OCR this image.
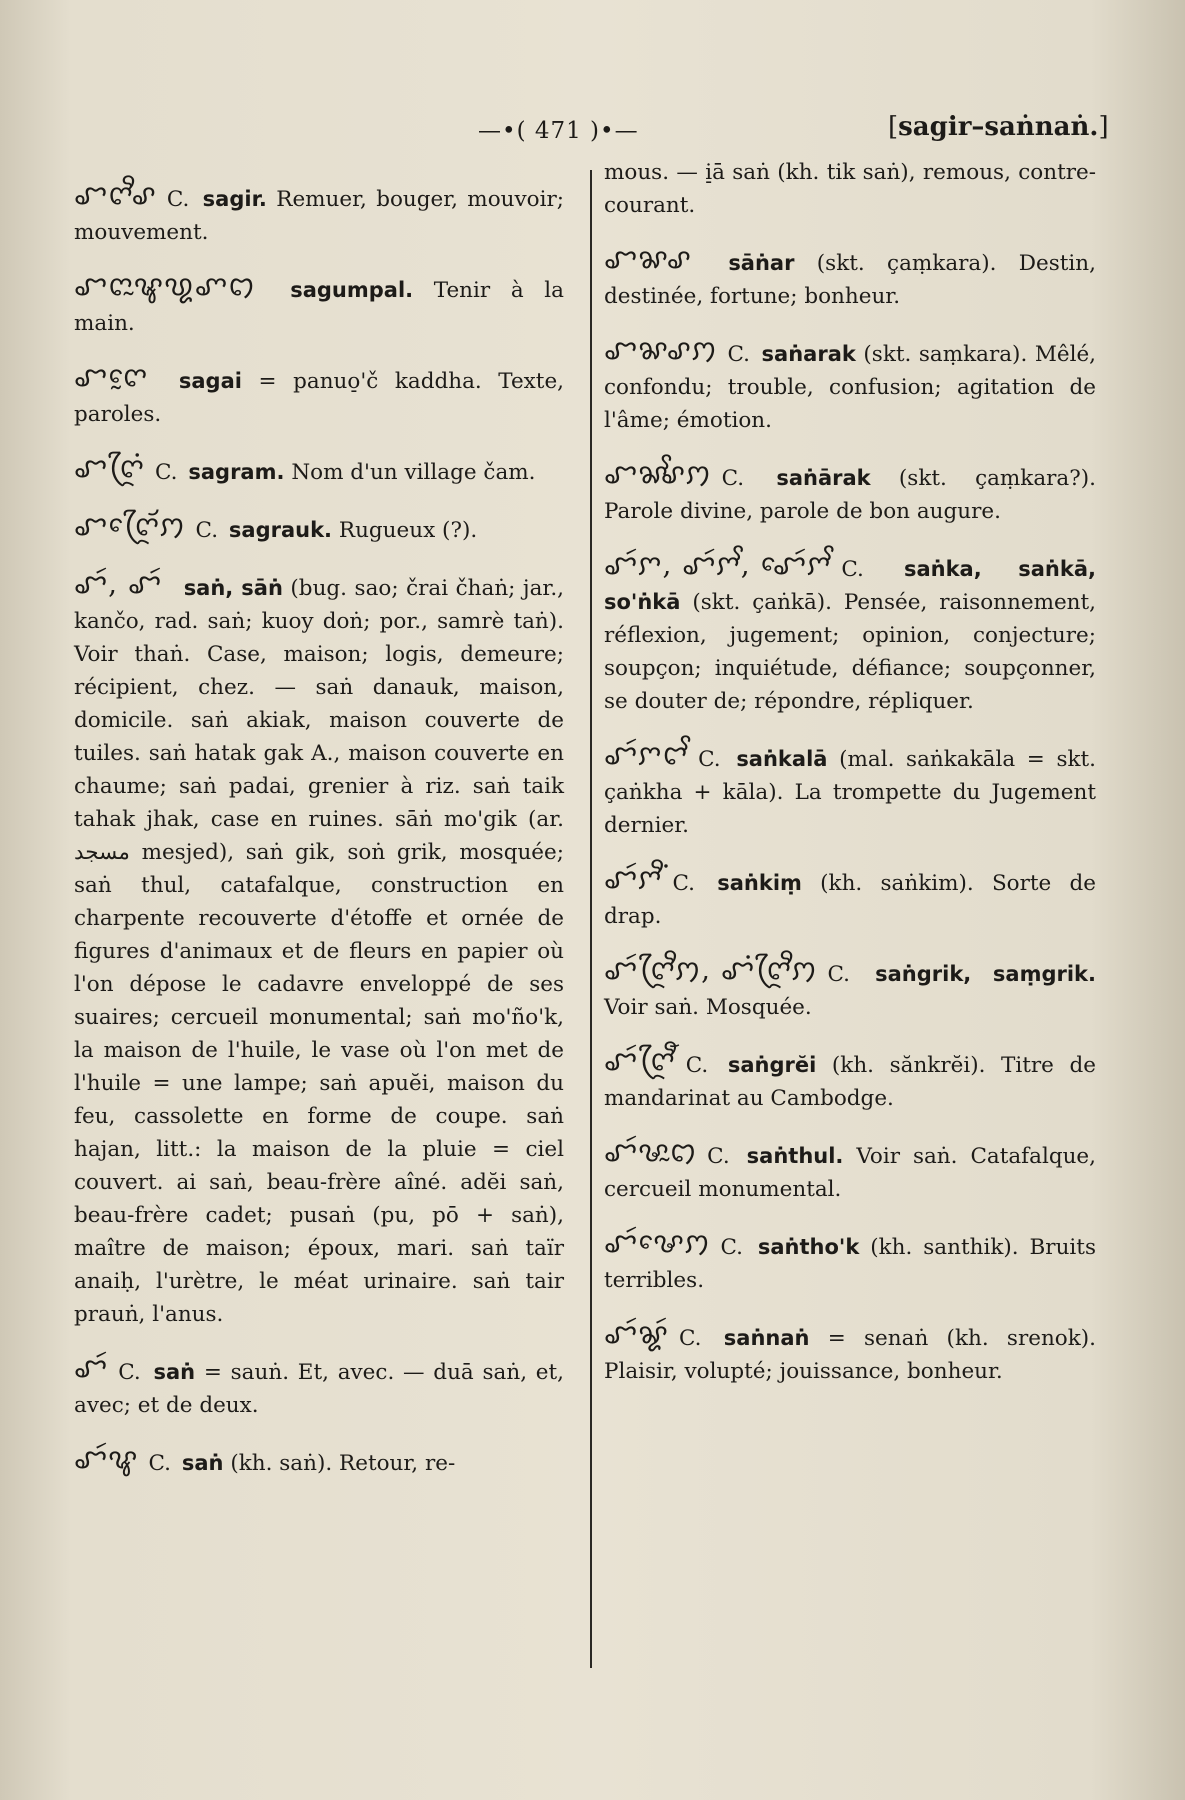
—•( 471 )•—
[	sagir–saṅnaṅ. ]
ꨧꨈꨪꨣ C. sagir. Remuer, bouger, mouvoir; mouvement.
ꨧꨈꨭꨡ꩙ꨚꩊ sagumpal. Tenir à la main.
ꨧꨈꨰ sagai = panuo̠'č kaddha. Texte, paroles.
ꨧꨈꨴꩌ C. sagram. Nom d'un village čam.
ꨧꨈꨴꨯꨮꩀ C. sagrauk. Rugueux (?).
ꨧꩃ, ꨧꩃ saṅ, sāṅ (bug. sao; črai čhaṅ; jar., kančo, rad. saṅ; kuoy doṅ; por., samrè taṅ). Voir thaṅ. Case, maison; logis, demeure; récipient, chez. — saṅ danauk, maison, domicile. saṅ akiak, maison couverte de tuiles. saṅ hatak gak A., maison couverte en chaume; saṅ padai, grenier à riz. saṅ taik tahak jhak, case en ruines. sāṅ mo'gik (ar. مسجد mesjed), saṅ gik, soṅ grik, mosquée; saṅ thul, catafalque, construction en charpente recouverte d'étoffe et ornée de figures d'animaux et de fleurs en papier où l'on dépose le cadavre enveloppé de ses suaires; cercueil monumental; saṅ mo'ño'k, la maison de l'huile, le vase où l'on met de l'huile = une lampe; saṅ apuĕi, maison du feu, cassolette en forme de coupe. saṅ hajan, litt.: la maison de la pluie = ciel couvert. ai saṅ, beau-frère aîné. adĕi saṅ, beau-frère cadet; pusaṅ (pu, pō + saṅ), maître de maison; époux, mari. saṅ taïr anaiḥ, l'urètre, le méat urinaire. saṅ tair prauṅ, l'anus.
ꨧꩃ C. saṅ = sauṅ. Et, avec. — duā saṅ, et, avec; et de deux.
ꨧꩃꨥ C. saṅ (kh. saṅ). Retour, re-
mous. — i̠ā saṅ (kh. tik saṅ), remous, contre-courant.
ꨧꨗꨣ sāṅar (skt. çaṃkara). Destin, destinée, fortune; bonheur.
ꨧꨗꨣꩀ C. saṅarak (skt. saṃkara). Mêlé, confondu; trouble, confusion; agitation de l'âme; émotion.
ꨧꨗꨩꨣꩀ C. saṅārak (skt. çaṃkara?). Parole divine, parole de bon augure.
ꨧꩃꨆ, ꨧꩃꨆꨩ, ꨧꨯꩃꨆꨩ C. saṅka, saṅkā, so'ṅkā (skt. çaṅkā). Pensée, raisonnement, réflexion, jugement; opinion, conjecture; soupçon; inquiétude, défiance; soupçonner, se douter de; répondre, répliquer.
ꨧꩃꨆꨤꨩ C. saṅkalā (mal. saṅkakāla = skt. çaṅkha + kāla). La trompette du Jugement dernier.
ꨧꩃꨆꨪꩌ C. saṅkiṃ (kh. saṅkim). Sorte de drap.
ꨧꩃꨈꨴꨪꩀ, ꨧꩌꨈꨴꨪꩀ C. saṅgrik, saṃgrik. Voir saṅ. Mosquée.
ꨧꩃꨈꨴꨬ C. saṅgrĕi (kh. sănkrĕi). Titre de mandarinat au Cambodge.
ꨧꩃꨔꨭꩊ C. saṅthul. Voir saṅ. Catafalque, cercueil monumental.
ꨧꩃꨔꨯꩀ C. saṅtho'k (kh. santhik). Bruits terribles.
ꨧꩃꨘꩃ C. saṅnaṅ = senaṅ (kh. srenok). Plaisir, volupté; jouissance, bonheur.
